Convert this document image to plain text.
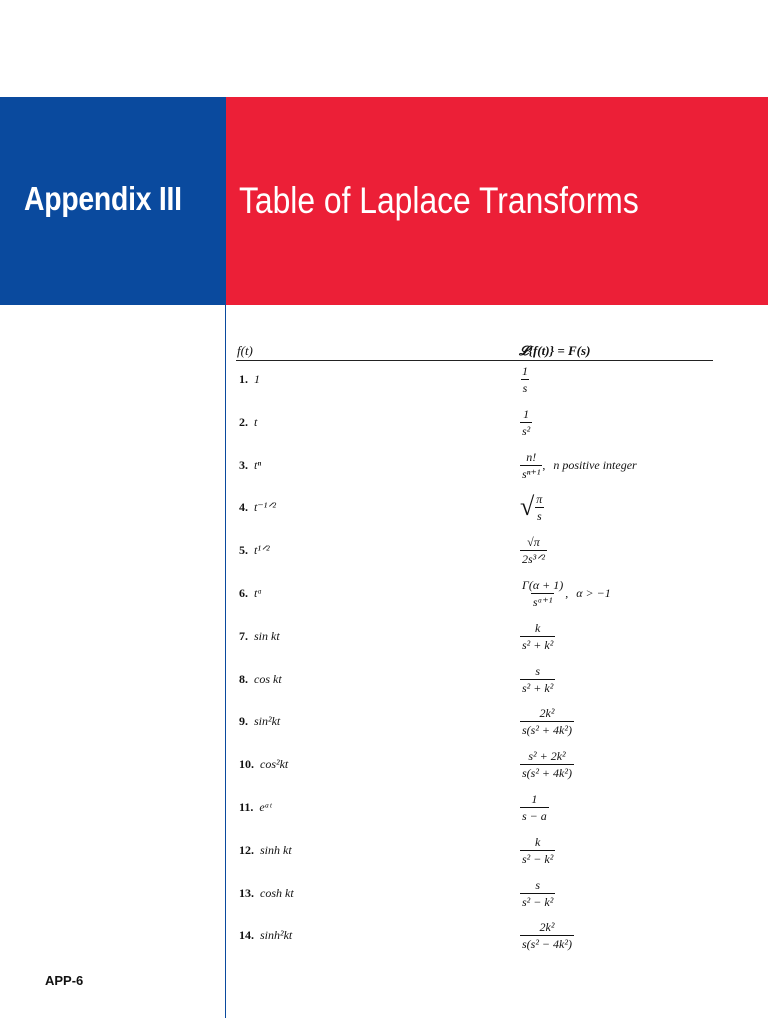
Appendix III Table of Laplace Transforms
f(t)	𝓛{f(t)} = F(s)
1. 1	$\frac{1}{s}$
2. t	$\frac{1}{\text{s²}}$
3. tⁿ	$\frac{n!}{\text{sⁿ⁺¹}}$ , n positive integer
4. t⁻¹ᐟ²	√ $\frac{\pi}{s}$
5. t¹ᐟ²	$\frac{√\pi}{\text{2s³ᐟ²}}$
6. tᵅ	$\frac{\Gamma(\alpha + 1)}{\text{sᵅ⁺¹}}$ , α > −1
7. sin kt	$\frac{k}{\text{s² + k²}}$
8. cos kt	$\frac{s}{\text{s² + k²}}$
9. sin²kt	$\frac{\text{2k²}}{\text{s(s² + 4k²)}}$
10. cos²kt	$\frac{\text{s² + 2k²}}{\text{s(s² + 4k²)}}$
11. eᵃᵗ	$\frac{1}{s - a}$
12. sinh kt	$\frac{k}{\text{s² − k²}}$
13. cosh kt	$\frac{s}{\text{s² − k²}}$
14. sinh²kt	$\frac{\text{2k²}}{\text{s(s² − 4k²)}}$
APP-6
